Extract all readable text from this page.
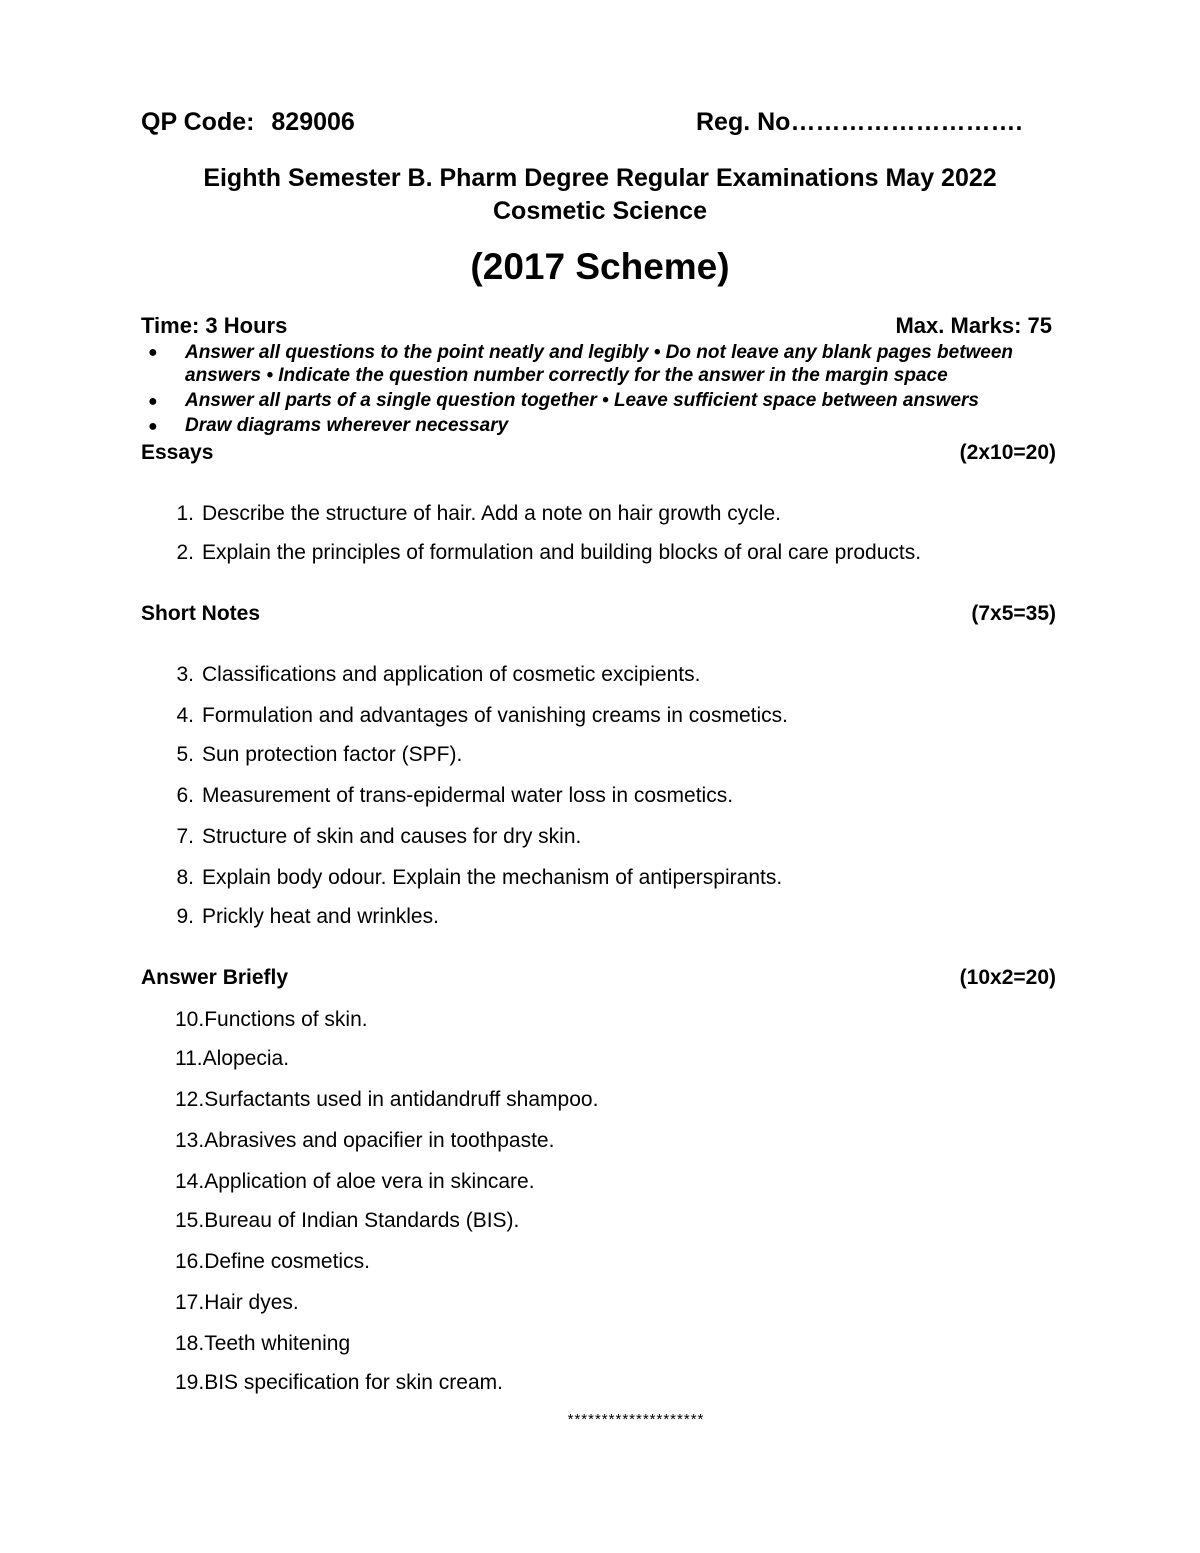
QP Code: 829006	Reg. No……………………….
Eighth Semester B. Pharm Degree Regular Examinations May 2022
Cosmetic Science
(2017 Scheme)
Time: 3 Hours	Max. Marks: 75
● Answer all questions to the point neatly and legibly • Do not leave any blank pages between
answers • Indicate the question number correctly for the answer in the margin space
● Answer all parts of a single question together • Leave sufficient space between answers
● Draw diagrams wherever necessary
Essays	(2x10=20)
1. Describe the structure of hair. Add a note on hair growth cycle.
2. Explain the principles of formulation and building blocks of oral care products.
Short Notes	(7x5=35)
3. Classifications and application of cosmetic excipients.
4. Formulation and advantages of vanishing creams in cosmetics.
5. Sun protection factor (SPF).
6. Measurement of trans-epidermal water loss in cosmetics.
7. Structure of skin and causes for dry skin.
8. Explain body odour. Explain the mechanism of antiperspirants.
9. Prickly heat and wrinkles.
Answer Briefly	(10x2=20)
10.Functions of skin.
11.Alopecia.
12.Surfactants used in antidandruff shampoo.
13.Abrasives and opacifier in toothpaste.
14.Application of aloe vera in skincare.
15.Bureau of Indian Standards (BIS).
16.Define cosmetics.
17.Hair dyes.
18.Teeth whitening
19.BIS specification for skin cream.
********************
